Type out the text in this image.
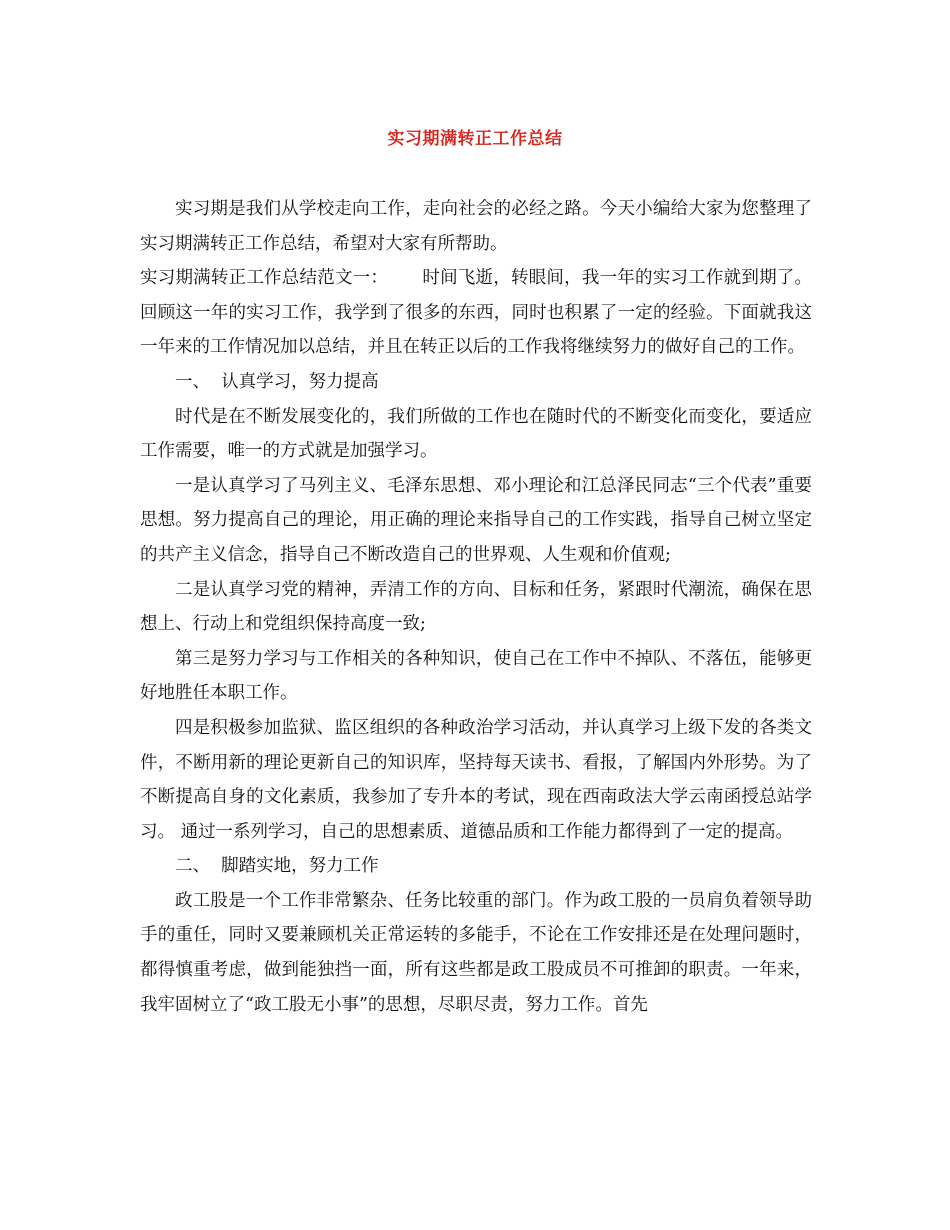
实习期满转正工作总结

实习期是我们从学校走向工作，走向社会的必经之路。今天小编给大家为您整理了实习期满转正工作总结，希望对大家有所帮助。

实习期满转正工作总结范文一： 时间飞逝，转眼间，我一年的实习工作就到期了。回顾这一年的实习工作，我学到了很多的东西，同时也积累了一定的经验。下面就我这一年来的工作情况加以总结，并且在转正以后的工作我将继续努力的做好自己的工作。

一、  认真学习，努力提高

时代是在不断发展变化的，我们所做的工作也在随时代的不断变化而变化，要适应工作需要，唯一的方式就是加强学习。

一是认真学习了马列主义、毛泽东思想、邓小理论和江总泽民同志“三个代表”重要思想。努力提高自己的理论，用正确的理论来指导自己的工作实践，指导自己树立坚定的共产主义信念，指导自己不断改造自己的世界观、人生观和价值观;

二是认真学习党的精神，弄清工作的方向、目标和任务，紧跟时代潮流，确保在思想上、行动上和党组织保持高度一致;

第三是努力学习与工作相关的各种知识，使自己在工作中不掉队、不落伍，能够更好地胜任本职工作。

四是积极参加监狱、监区组织的各种政治学习活动，并认真学习上级下发的各类文件，不断用新的理论更新自己的知识库，坚持每天读书、看报，了解国内外形势。为了不断提高自身的文化素质，我参加了专升本的考试，现在西南政法大学云南函授总站学习。 通过一系列学习，自己的思想素质、道德品质和工作能力都得到了一定的提高。

二、  脚踏实地，努力工作

政工股是一个工作非常繁杂、任务比较重的部门。作为政工股的一员肩负着领导助手的重任，同时又要兼顾机关正常运转的多能手，不论在工作安排还是在处理问题时，都得慎重考虑，做到能独挡一面，所有这些都是政工股成员不可推卸的职责。一年来，我牢固树立了“政工股无小事”的思想，尽职尽责，努力工作。首先
